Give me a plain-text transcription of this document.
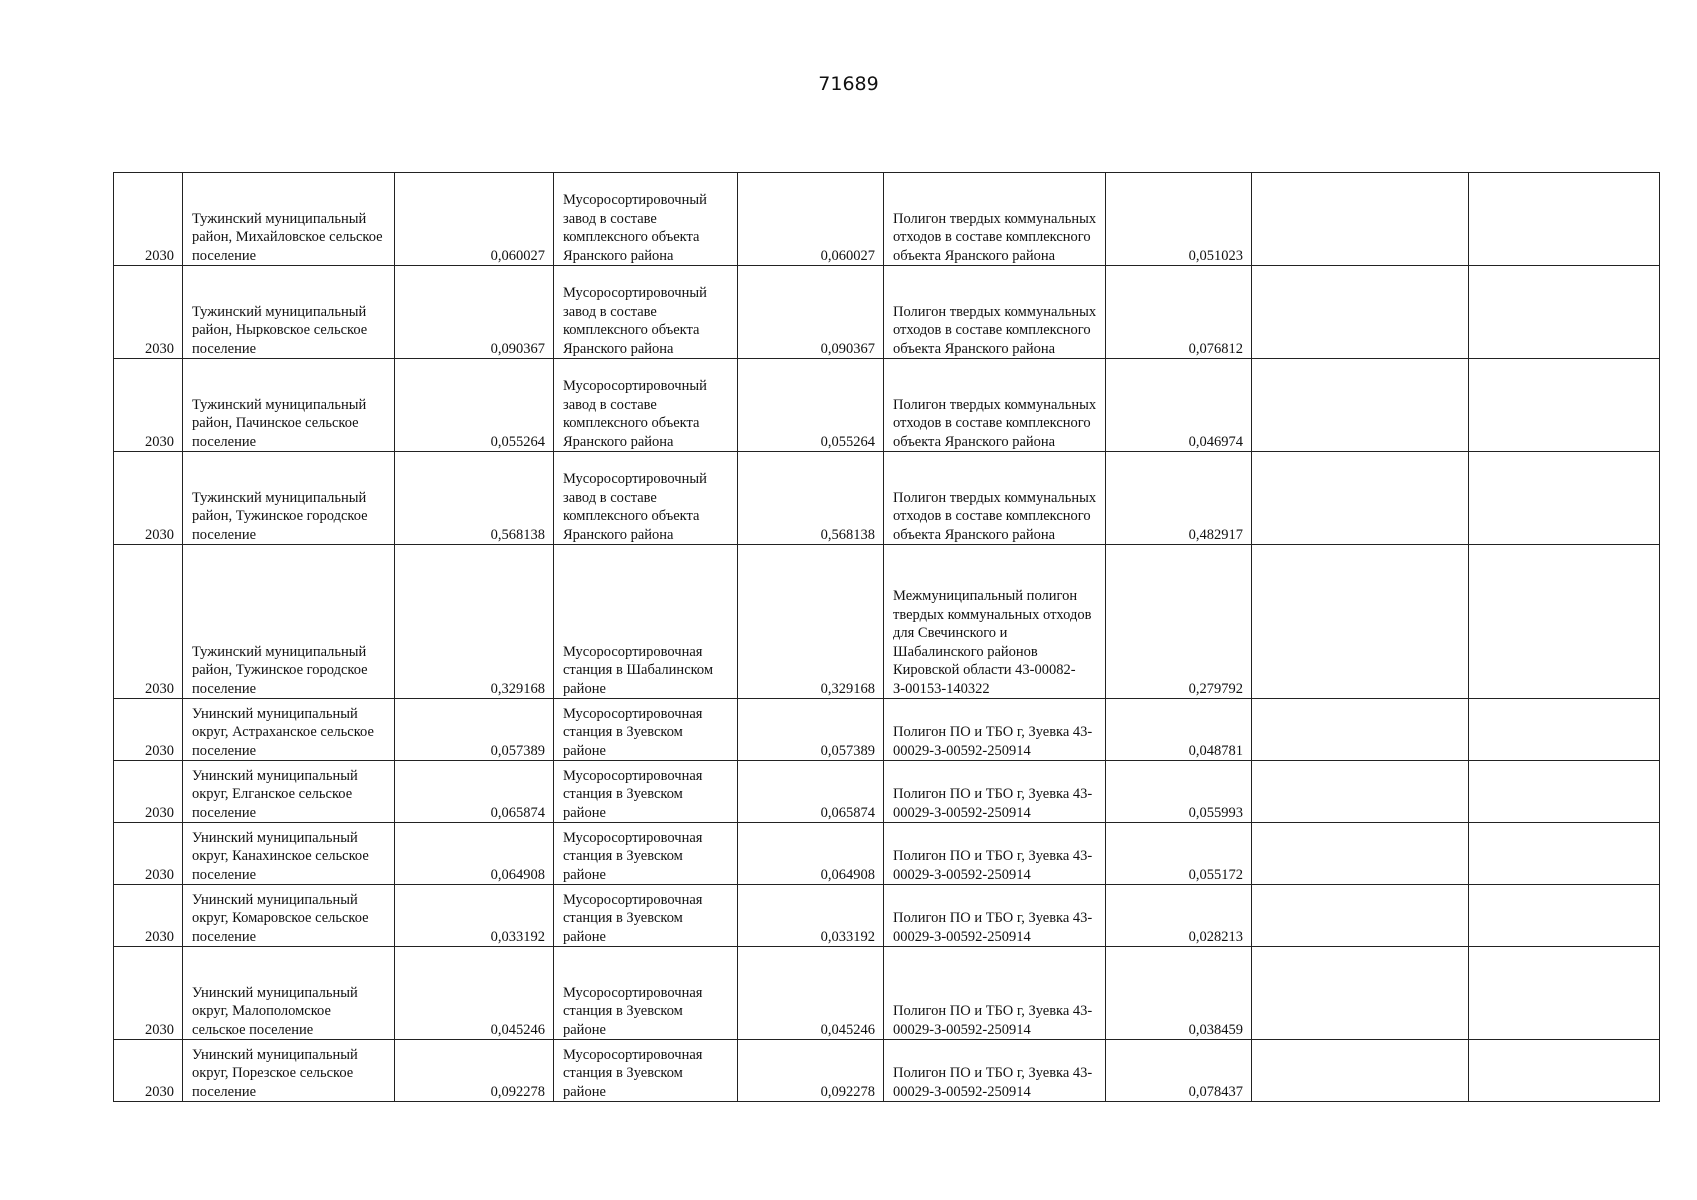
71689
2030	Тужинский муниципальный район, Михайловское сельское поселение	0,060027	Мусоросортировочный завод в составе комплексного объекта Яранского района	0,060027	Полигон твердых коммунальных отходов в составе комплексного объекта Яранского района	0,051023		
2030	Тужинский муниципальный район, Нырковское сельское поселение	0,090367	Мусоросортировочный завод в составе комплексного объекта Яранского района	0,090367	Полигон твердых коммунальных отходов в составе комплексного объекта Яранского района	0,076812		
2030	Тужинский муниципальный район, Пачинское сельское поселение	0,055264	Мусоросортировочный завод в составе комплексного объекта Яранского района	0,055264	Полигон твердых коммунальных отходов в составе комплексного объекта Яранского района	0,046974		
2030	Тужинский муниципальный район, Тужинское городское поселение	0,568138	Мусоросортировочный завод в составе комплексного объекта Яранского района	0,568138	Полигон твердых коммунальных отходов в составе комплексного объекта Яранского района	0,482917		
2030	Тужинский муниципальный район, Тужинское городское поселение	0,329168	Мусоросортировочная станция в Шабалинском районе	0,329168	Межмуниципальный полигон твердых коммунальных отходов для Свечинского и Шабалинского районов Кировской области 43-00082-З-00153-140322	0,279792		
2030	Унинский муниципальный округ, Астраханское сельское поселение	0,057389	Мусоросортировочная станция в Зуевском районе	0,057389	Полигон ПО и ТБО г, Зуевка 43-00029-З-00592-250914	0,048781		
2030	Унинский муниципальный округ, Елганское сельское поселение	0,065874	Мусоросортировочная станция в Зуевском районе	0,065874	Полигон ПО и ТБО г, Зуевка 43-00029-З-00592-250914	0,055993		
2030	Унинский муниципальный округ, Канахинское сельское поселение	0,064908	Мусоросортировочная станция в Зуевском районе	0,064908	Полигон ПО и ТБО г, Зуевка 43-00029-З-00592-250914	0,055172		
2030	Унинский муниципальный округ, Комаровское сельское поселение	0,033192	Мусоросортировочная станция в Зуевском районе	0,033192	Полигон ПО и ТБО г, Зуевка 43-00029-З-00592-250914	0,028213		
2030	Унинский муниципальный округ, Малополомское сельское поселение	0,045246	Мусоросортировочная станция в Зуевском районе	0,045246	Полигон ПО и ТБО г, Зуевка 43-00029-З-00592-250914	0,038459		
2030	Унинский муниципальный округ, Порезское сельское поселение	0,092278	Мусоросортировочная станция в Зуевском районе	0,092278	Полигон ПО и ТБО г, Зуевка 43-00029-З-00592-250914	0,078437		
